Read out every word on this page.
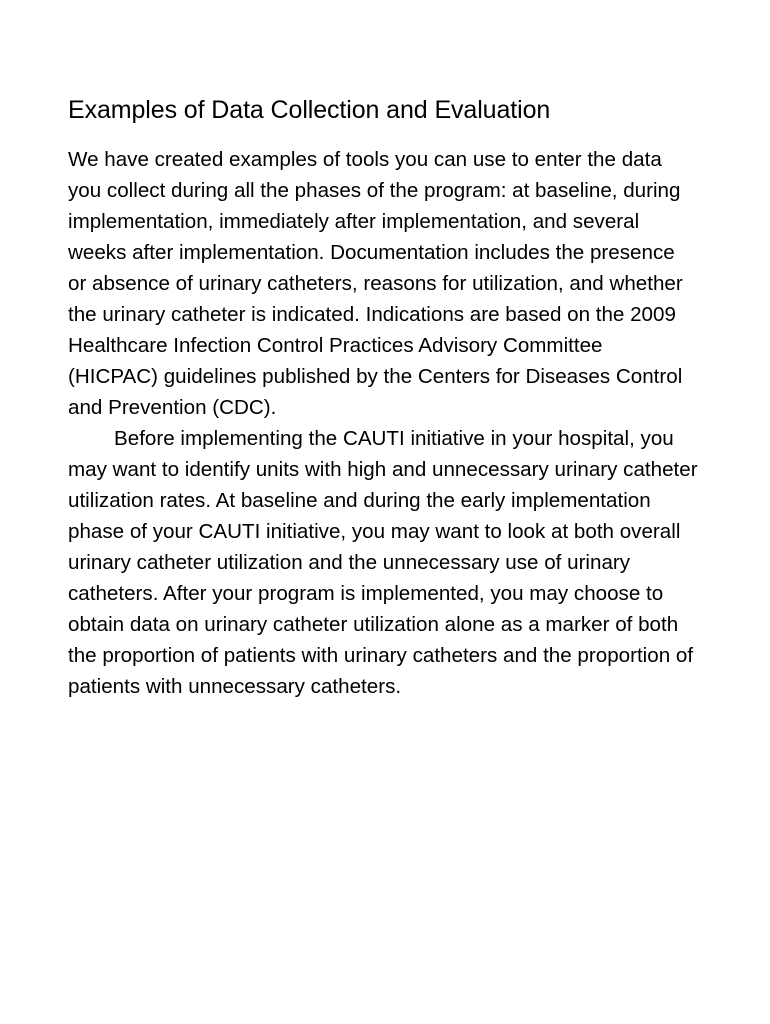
Examples of Data Collection and Evaluation

We have created examples of tools you can use to enter the data you collect during all the phases of the program: at baseline, during implementation, immediately after implementation, and several weeks after implementation. Documentation includes the presence or absence of urinary catheters, reasons for utilization, and whether the urinary catheter is indicated. Indications are based on the 2009 Healthcare Infection Control Practices Advisory Committee (HICPAC) guidelines published by the Centers for Diseases Control and Prevention (CDC).

Before implementing the CAUTI initiative in your hospital, you may want to identify units with high and unnecessary urinary catheter utilization rates. At baseline and during the early implementation phase of your CAUTI initiative, you may want to look at both overall urinary catheter utilization and the unnecessary use of urinary catheters. After your program is implemented, you may choose to obtain data on urinary catheter utilization alone as a marker of both the proportion of patients with urinary catheters and the proportion of patients with unnecessary catheters.
